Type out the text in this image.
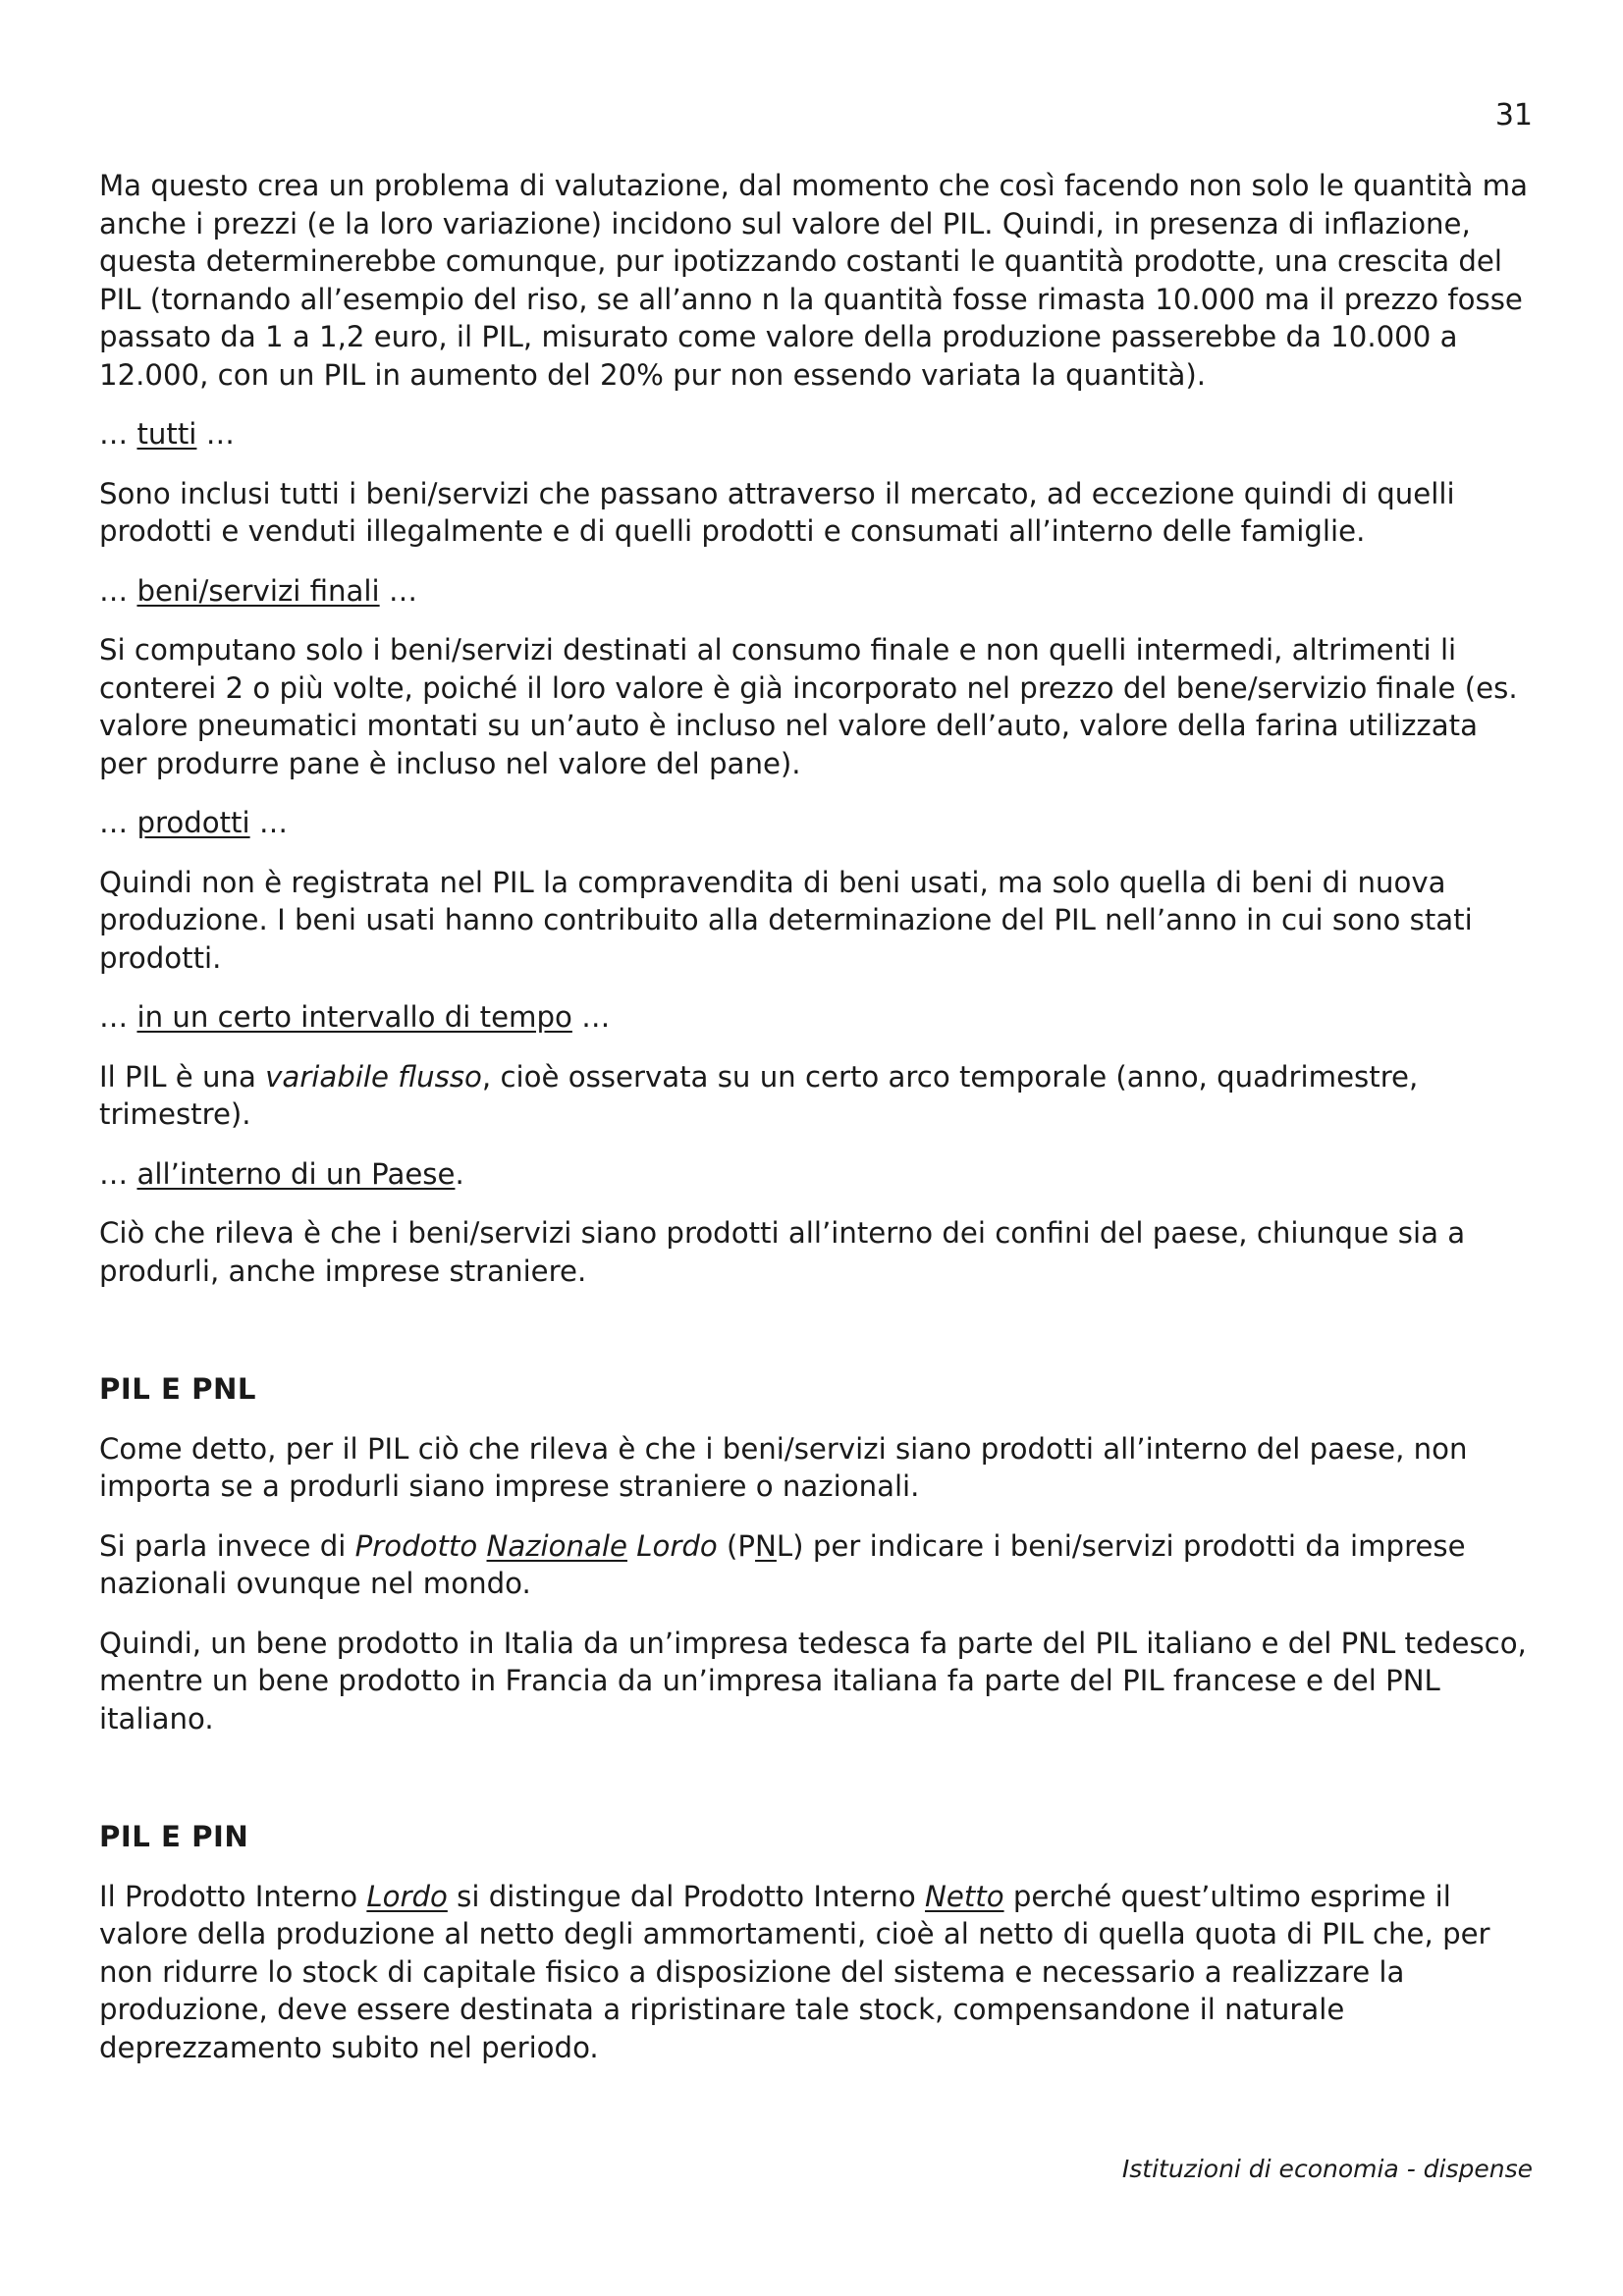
31

Ma questo crea un problema di valutazione, dal momento che così facendo non solo le quantità ma anche i prezzi (e la loro variazione) incidono sul valore del PIL. Quindi, in presenza di inflazione, questa determinerebbe comunque, pur ipotizzando costanti le quantità prodotte, una crescita del PIL (tornando all’esempio del riso, se all’anno n la quantità fosse rimasta 10.000 ma il prezzo fosse passato da 1 a 1,2 euro, il PIL, misurato come valore della produzione passerebbe da 10.000 a 12.000, con un PIL in aumento del 20% pur non essendo variata la quantità).

… tutti …

Sono inclusi tutti i beni/servizi che passano attraverso il mercato, ad eccezione quindi di quelli prodotti e venduti illegalmente e di quelli prodotti e consumati all’interno delle famiglie.

… beni/servizi finali …

Si computano solo i beni/servizi destinati al consumo finale e non quelli intermedi, altrimenti li conterei 2 o più volte, poiché il loro valore è già incorporato nel prezzo del bene/servizio finale (es. valore pneumatici montati su un’auto è incluso nel valore dell’auto, valore della farina utilizzata per produrre pane è incluso nel valore del pane).

… prodotti …

Quindi non è registrata nel PIL la compravendita di beni usati, ma solo quella di beni di nuova produzione. I beni usati hanno contribuito alla determinazione del PIL nell’anno in cui sono stati prodotti.

… in un certo intervallo di tempo …

Il PIL è una variabile flusso, cioè osservata su un certo arco temporale (anno, quadrimestre, trimestre).

… all’interno di un Paese.

Ciò che rileva è che i beni/servizi siano prodotti all’interno dei confini del paese, chiunque sia a produrli, anche imprese straniere.

PIL E PNL

Come detto, per il PIL ciò che rileva è che i beni/servizi siano prodotti all’interno del paese, non importa se a produrli siano imprese straniere o nazionali.

Si parla invece di Prodotto Nazionale Lordo (PNL) per indicare i beni/servizi prodotti da imprese nazionali ovunque nel mondo.

Quindi, un bene prodotto in Italia da un’impresa tedesca fa parte del PIL italiano e del PNL tedesco, mentre un bene prodotto in Francia da un’impresa italiana fa parte del PIL francese e del PNL italiano.

PIL E PIN

Il Prodotto Interno Lordo si distingue dal Prodotto Interno Netto perché quest’ultimo esprime il valore della produzione al netto degli ammortamenti, cioè al netto di quella quota di PIL che, per non ridurre lo stock di capitale fisico a disposizione del sistema e necessario a realizzare la produzione, deve essere destinata a ripristinare tale stock, compensandone il naturale deprezzamento subito nel periodo.

Istituzioni di economia - dispense
